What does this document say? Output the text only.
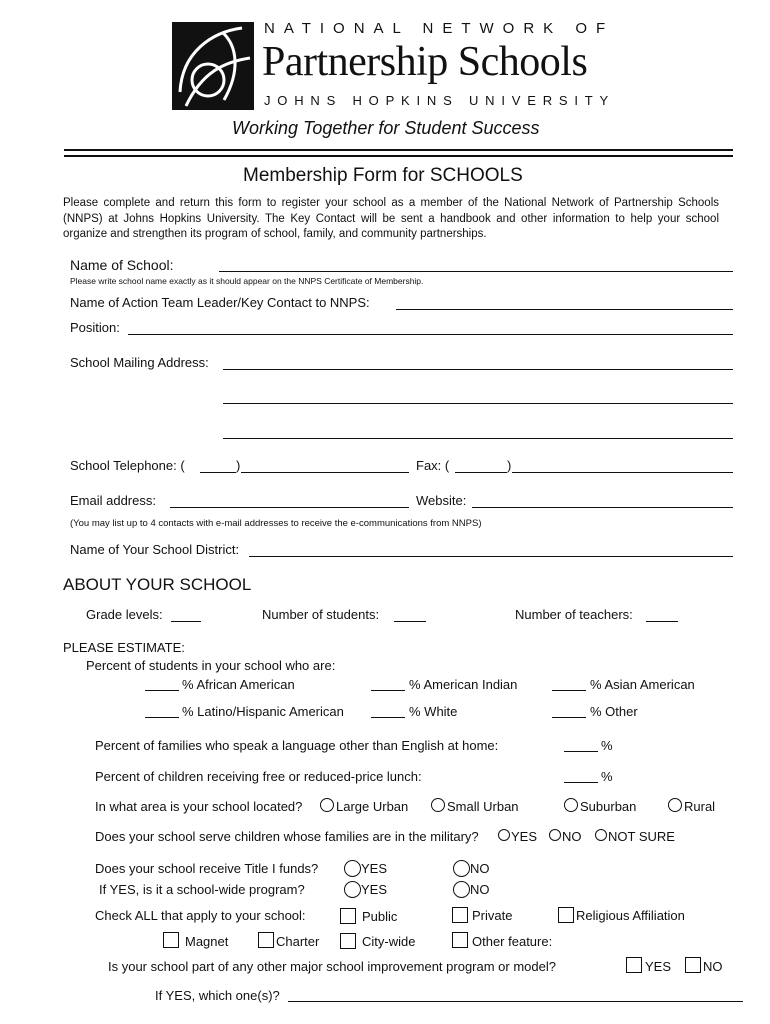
NATIONAL NETWORK OF
Partnership Schools
JOHNS HOPKINS UNIVERSITY
Working Together for Student Success
Membership Form for SCHOOLS
Please complete and return this form to register your school as a member of the National Network of Partnership Schools (NNPS) at Johns Hopkins University. The Key Contact will be sent a handbook and other information to help your school organize and strengthen its program of school, family, and community partnerships.
Name of School:
Please write school name exactly as it should appear on the NNPS Certificate of Membership.
Name of Action Team Leader/Key Contact to NNPS:
Position:
School Mailing Address:
School Telephone: (	)	Fax: (	)
Email address:	Website:
(You may list up to 4 contacts with e-mail addresses to receive the e-communications from NNPS)
Name of Your School District:
ABOUT YOUR SCHOOL
Grade levels:	Number of students:	Number of teachers:
PLEASE ESTIMATE:
Percent of students in your school who are:
% African American	% American Indian	% Asian American
% Latino/Hispanic American	% White	% Other
Percent of families who speak a language other than English at home:	%
Percent of children receiving free or reduced-price lunch:	%
In what area is your school located?	Large Urban	Small Urban	Suburban	Rural
Does your school serve children whose families are in the military? YES NO NOT SURE
Does your school receive Title I funds?	YES	NO
If YES, is it a school-wide program?	YES	NO
Check ALL that apply to your school:	Public	Private	Religious Affiliation
Magnet	Charter	City-wide	Other feature:
Is your school part of any other major school improvement program or model?	YES NO
If YES, which one(s)?
